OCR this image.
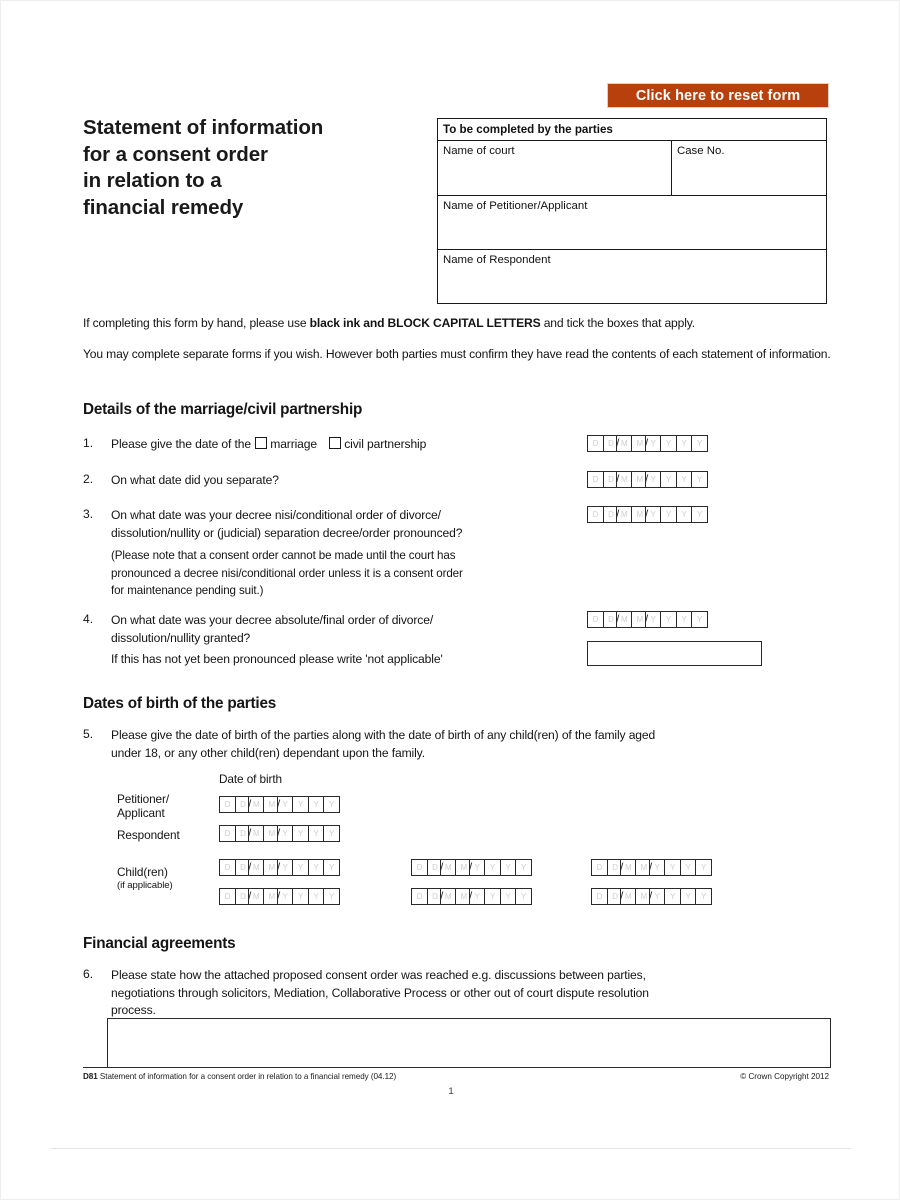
Click here to reset form
Statement of information
for a consent order
in relation to a
financial remedy
To be completed by the parties
Name of court	Case No.
Name of Petitioner/Applicant
Name of Respondent
If completing this form by hand, please use black ink and BLOCK CAPITAL LETTERS and tick the boxes that apply.
You may complete separate forms if you wish. However both parties must confirm they have read the contents of each statement of information.
Details of the marriage/civil partnership
1. Please give the date of the marriage civil partnership	D	D / M	M / Y	Y	Y	Y
2. On what date did you separate?	D	D / M	M / Y	Y	Y	Y
3. On what date was your decree nisi/conditional order of divorce/
dissolution/nullity or (judicial) separation decree/order pronounced?
(Please note that a consent order cannot be made until the court has
pronounced a decree nisi/conditional order unless it is a consent order
for maintenance pending suit.)
D	D / M	M / Y	Y	Y	Y
4. On what date was your decree absolute/final order of divorce/
dissolution/nullity granted?
If this has not yet been pronounced please write 'not applicable'
D	D / M	M / Y	Y	Y	Y
Dates of birth of the parties
5. Please give the date of birth of the parties along with the date of birth of any child(ren) of the family aged
under 18, or any other child(ren) dependant upon the family.
Date of birth
Petitioner/
Applicant
D	D / M	M / Y	Y	Y	Y
Respondent	D	D / M	M / Y	Y	Y	Y
Child(ren)
(if applicable)
D	D / M	M / Y	Y	Y	Y	D	D / M	M / Y	Y	Y	Y	D	D / M	M / Y	Y	Y	Y
D	D / M	M / Y	Y	Y	Y	D	D / M	M / Y	Y	Y	Y	D	D / M	M / Y	Y	Y	Y
Financial agreements
6. Please state how the attached proposed consent order was reached e.g. discussions between parties,
negotiations through solicitors, Mediation, Collaborative Process or other out of court dispute resolution
process.
D81 Statement of information for a consent order in relation to a financial remedy (04.12)	© Crown Copyright 2012
1
